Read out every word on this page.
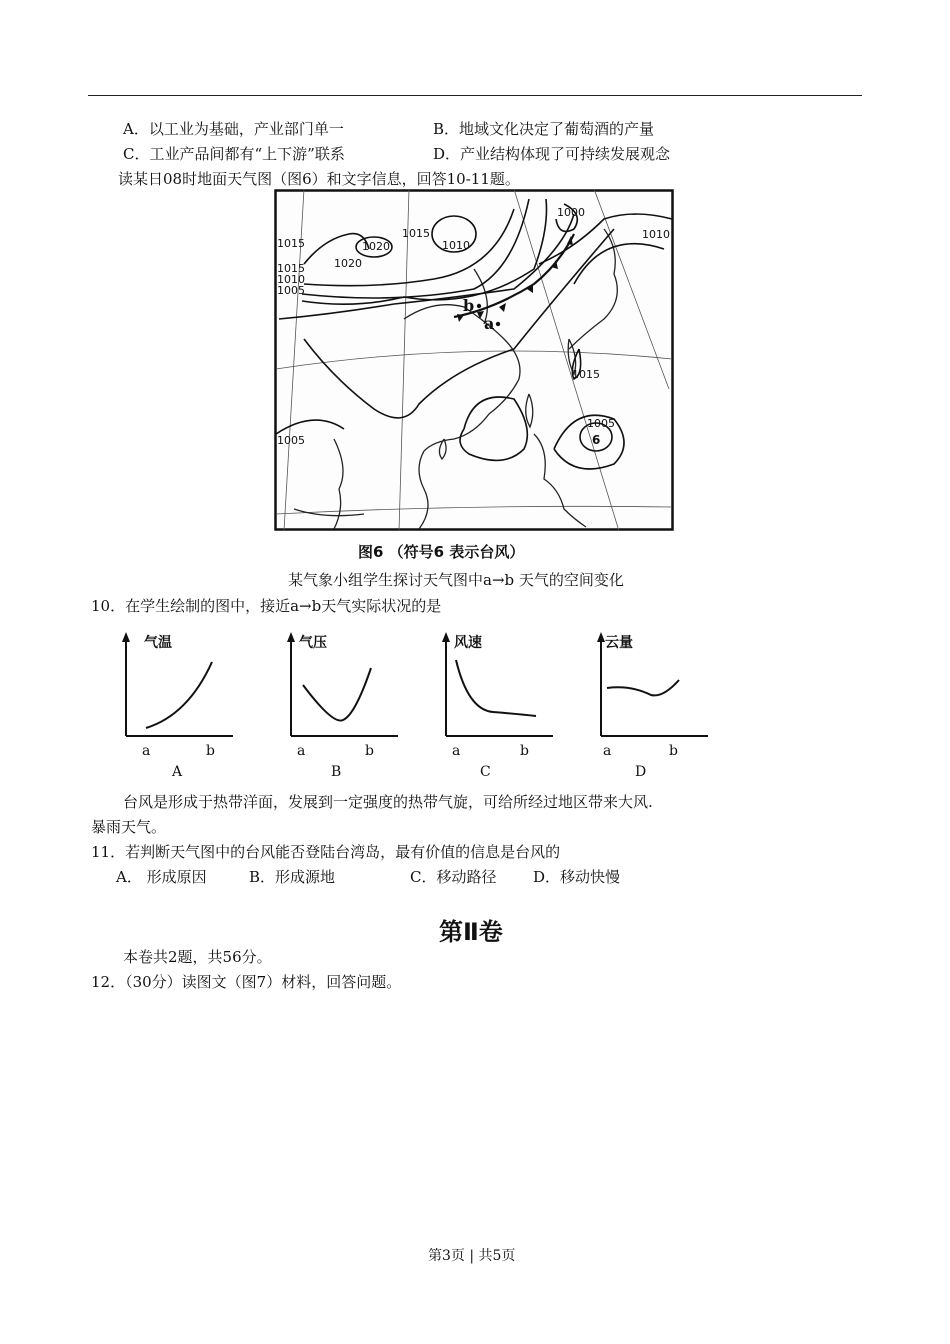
A．以工业为基础，产业部门单一	B．地域文化决定了葡萄酒的产量
C．工业产品间都有“上下游”联系	D．产业结构体现了可持续发展观念
读某日08时地面天气图（图6）和文字信息，回答10-11题。
1015	1020
1020
1015
1010
1015
1010
1005
1000
1010
1015
1005
1005	6
b
a
图6 （符号6 表示台风）
某气象小组学生探讨天气图中a→b 天气的空间变化
10．在学生绘制的图中，接近a→b天气实际状况的是
气温
a	b
A
气压
a	b
B
风速
a	b
C
云量
a	b
D
台风是形成于热带洋面，发展到一定强度的热带气旋，可给所经过地区带来大风.
暴雨天气。
11．若判断天气图中的台风能否登陆台湾岛，最有价值的信息是台风的
A． 形成原因	B．形成源地	C．移动路径 D．移动快慢
第Ⅱ卷
本卷共2题，共56分。
12．（30分）读图文（图7）材料，回答问题。
第3页 | 共5页
